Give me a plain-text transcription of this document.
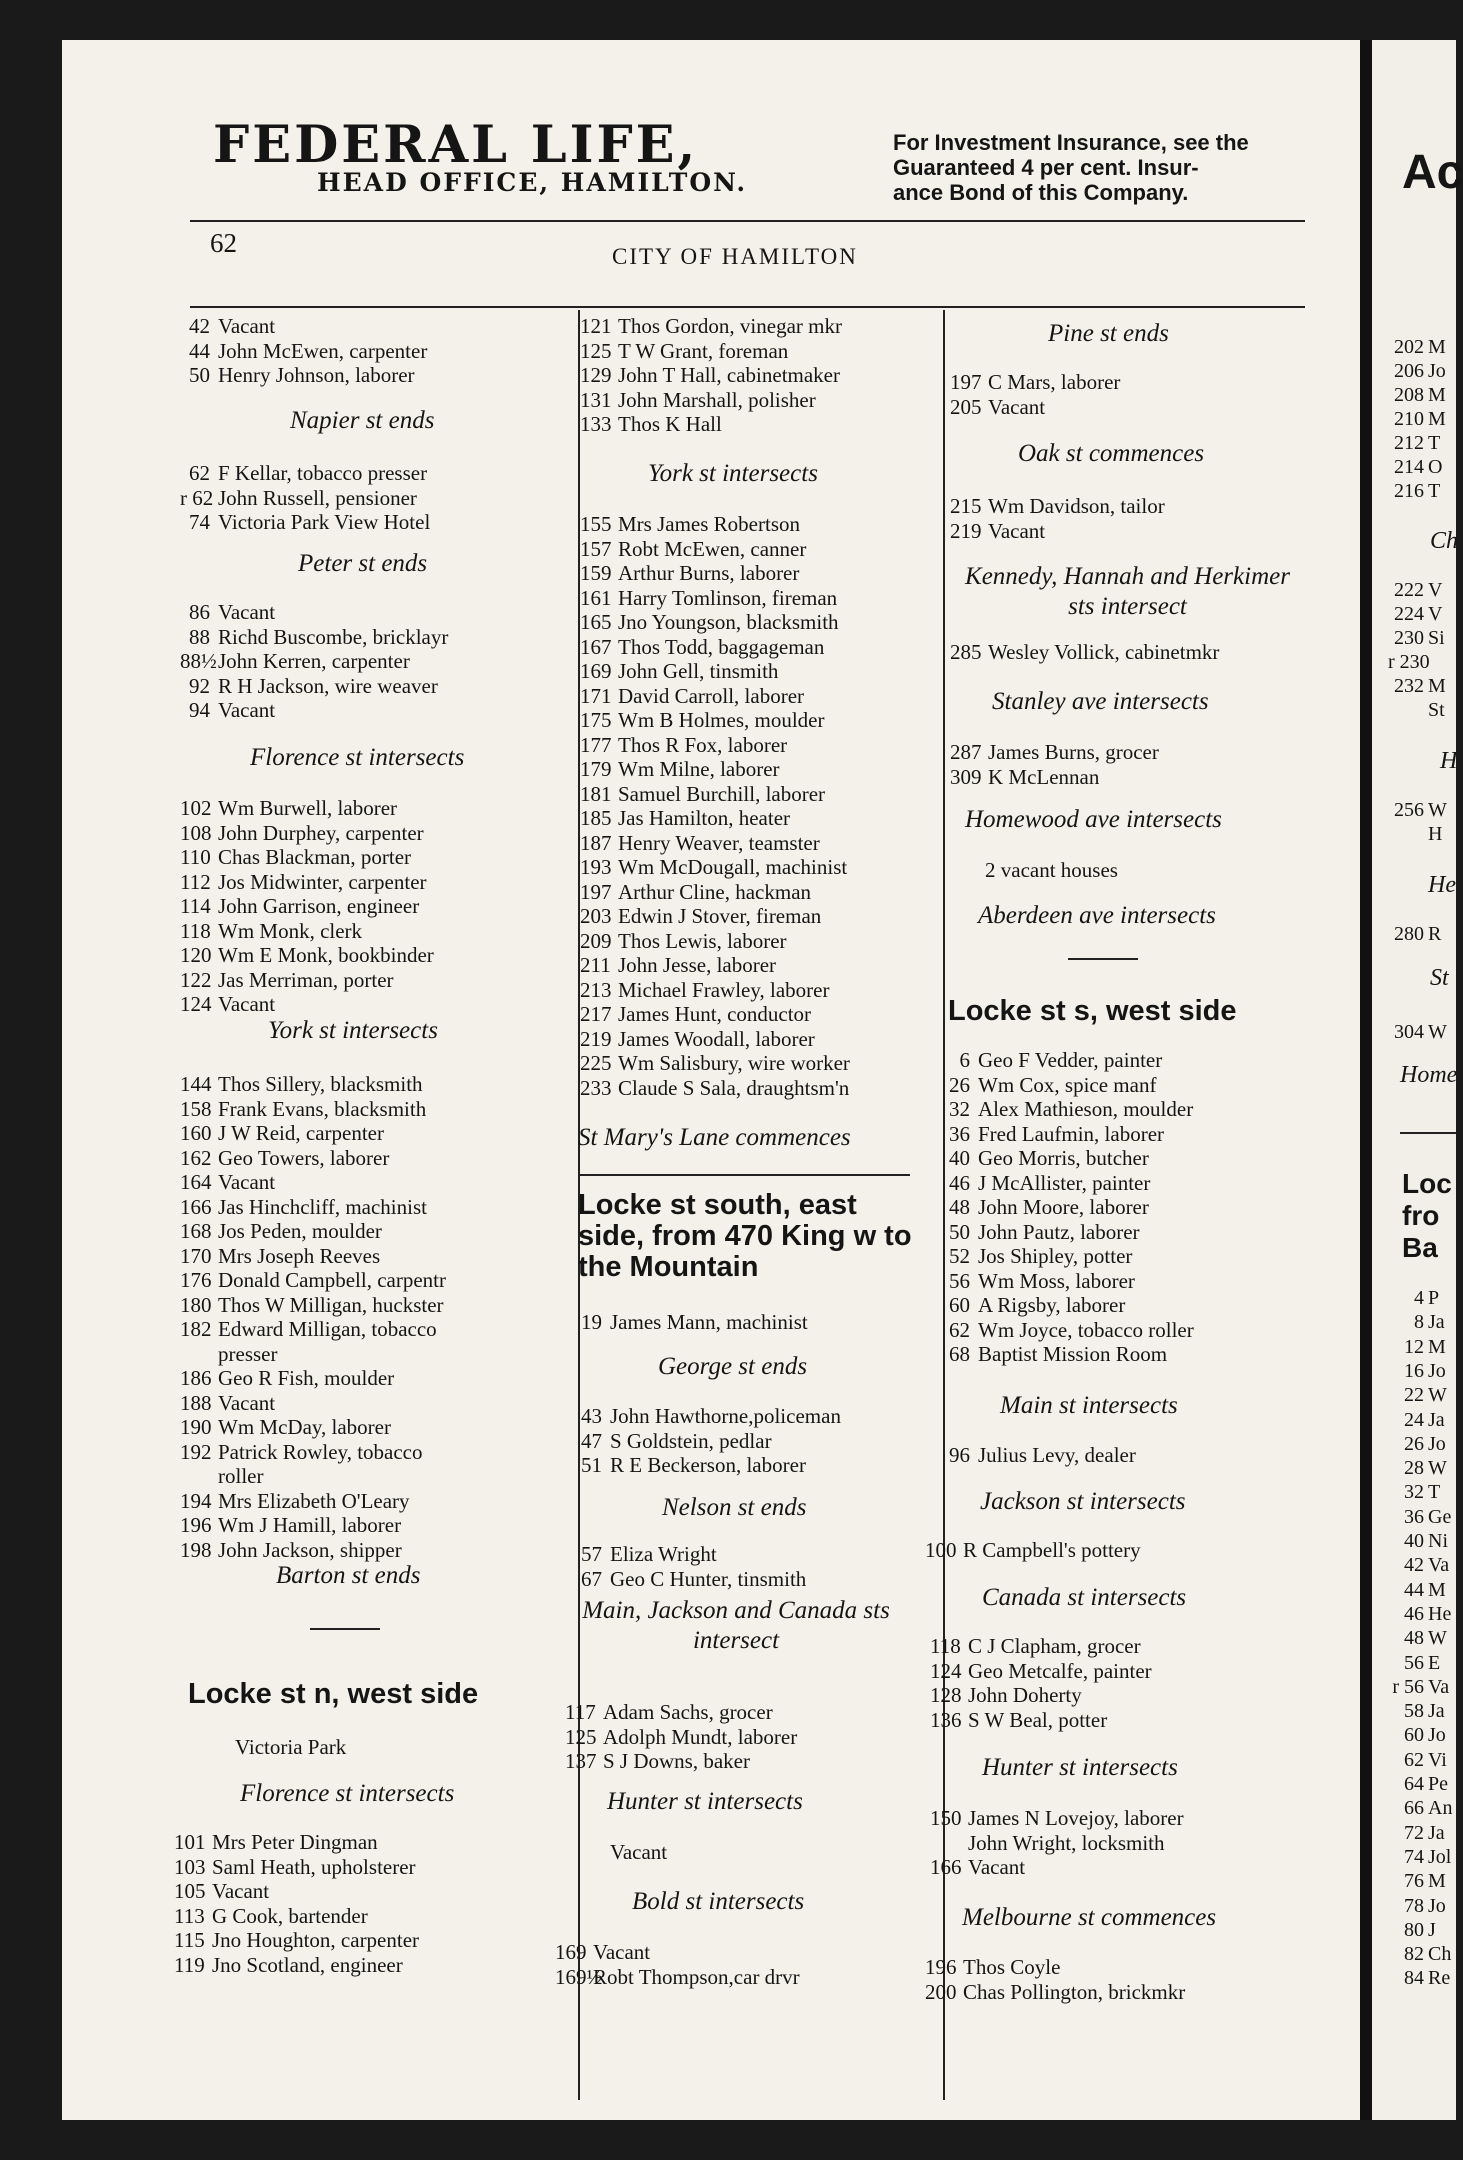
FEDERAL LIFE,
HEAD OFFICE, HAMILTON.
For Investment Insurance, see the
Guaranteed 4 per cent. Insur-
ance Bond of this Company.
62	CITY OF HAMILTON
42 Vacant
44 John McEwen, carpenter
50 Henry Johnson, laborer
Napier st ends
62 F Kellar, tobacco presser
r 62 John Russell, pensioner
74 Victoria Park View Hotel
Peter st ends
86 Vacant
88 Richd Buscombe, bricklayr
88½John Kerren, carpenter
92 R H Jackson, wire weaver
94 Vacant
Florence st intersects
102 Wm Burwell, laborer
108 John Durphey, carpenter
110 Chas Blackman, porter
112 Jos Midwinter, carpenter
114 John Garrison, engineer
118 Wm Monk, clerk
120 Wm E Monk, bookbinder
122 Jas Merriman, porter
124 Vacant
York st intersects
144 Thos Sillery, blacksmith
158 Frank Evans, blacksmith
160 J W Reid, carpenter
162 Geo Towers, laborer
164 Vacant
166 Jas Hinchcliff, machinist
168 Jos Peden, moulder
170 Mrs Joseph Reeves
176 Donald Campbell, carpentr
180 Thos W Milligan, huckster
182 Edward Milligan, tobacco
presser
186 Geo R Fish, moulder
188 Vacant
190 Wm McDay, laborer
192 Patrick Rowley, tobacco
roller
194 Mrs Elizabeth O'Leary
196 Wm J Hamill, laborer
198 John Jackson, shipper
Barton st ends
Locke st n, west side
Victoria Park
Florence st intersects
101 Mrs Peter Dingman
103 Saml Heath, upholsterer
105 Vacant
113 G Cook, bartender
115 Jno Houghton, carpenter
119 Jno Scotland, engineer
121 Thos Gordon, vinegar mkr
125 T W Grant, foreman
129 John T Hall, cabinetmaker
131 John Marshall, polisher
133 Thos K Hall
York st intersects
155 Mrs James Robertson
157 Robt McEwen, canner
159 Arthur Burns, laborer
161 Harry Tomlinson, fireman
165 Jno Youngson, blacksmith
167 Thos Todd, baggageman
169 John Gell, tinsmith
171 David Carroll, laborer
175 Wm B Holmes, moulder
177 Thos R Fox, laborer
179 Wm Milne, laborer
181 Samuel Burchill, laborer
185 Jas Hamilton, heater
187 Henry Weaver, teamster
193 Wm McDougall, machinist
197 Arthur Cline, hackman
203 Edwin J Stover, fireman
209 Thos Lewis, laborer
211 John Jesse, laborer
213 Michael Frawley, laborer
217 James Hunt, conductor
219 James Woodall, laborer
225 Wm Salisbury, wire worker
233 Claude S Sala, draughtsm'n
St Mary's Lane commences
Locke st south, east side, from 470 King w to the Mountain
19 James Mann, machinist
George st ends
43 John Hawthorne,policeman
47 S Goldstein, pedlar
51 R E Beckerson, laborer
Nelson st ends
57 Eliza Wright
67 Geo C Hunter, tinsmith
Main, Jackson and Canada sts intersect
117 Adam Sachs, grocer
125 Adolph Mundt, laborer
137 S J Downs, baker
Hunter st intersects
Vacant
Bold st intersects
169 Vacant
169½Robt Thompson,car drvr
Pine st ends
197 C Mars, laborer
205 Vacant
Oak st commences
215 Wm Davidson, tailor
219 Vacant
Kennedy, Hannah and Herkimer sts intersect
285 Wesley Vollick, cabinetmkr
Stanley ave intersects
287 James Burns, grocer
309 K McLennan
Homewood ave intersects
2 vacant houses
Aberdeen ave intersects
Locke st s, west side
6 Geo F Vedder, painter
26 Wm Cox, spice manf
32 Alex Mathieson, moulder
36 Fred Laufmin, laborer
40 Geo Morris, butcher
46 J McAllister, painter
48 John Moore, laborer
50 John Pautz, laborer
52 Jos Shipley, potter
56 Wm Moss, laborer
60 A Rigsby, laborer
62 Wm Joyce, tobacco roller
68 Baptist Mission Room
Main st intersects
96 Julius Levy, dealer
Jackson st intersects
100 R Campbell's pottery
Canada st intersects
118 C J Clapham, grocer
124 Geo Metcalfe, painter
128 John Doherty
136 S W Beal, potter
Hunter st intersects
150 James N Lovejoy, laborer
John Wright, locksmith
166 Vacant
Melbourne st commences
196 Thos Coyle
200 Chas Pollington, brickmkr
Ac
202 M
206 Jo
208 M
210 M
212 T
214 O
216 T
Ch
222 V
224 V
230 Si
r 230
232 M
St
H
256 W
H
He
280 R
St
304 W
Home
Loc
fro
Ba
4 P
8 Ja
12 M
16 Jo
22 W
24 Ja
26 Jo
28 W
32 T
36 Ge
40 Ni
42 Va
44 M
46 He
48 W
56 E
r 56 Va
58 Ja
60 Jo
62 Vi
64 Pe
66 An
72 Ja
74 Jol
76 M
78 Jo
80 J
82 Ch
84 Re
